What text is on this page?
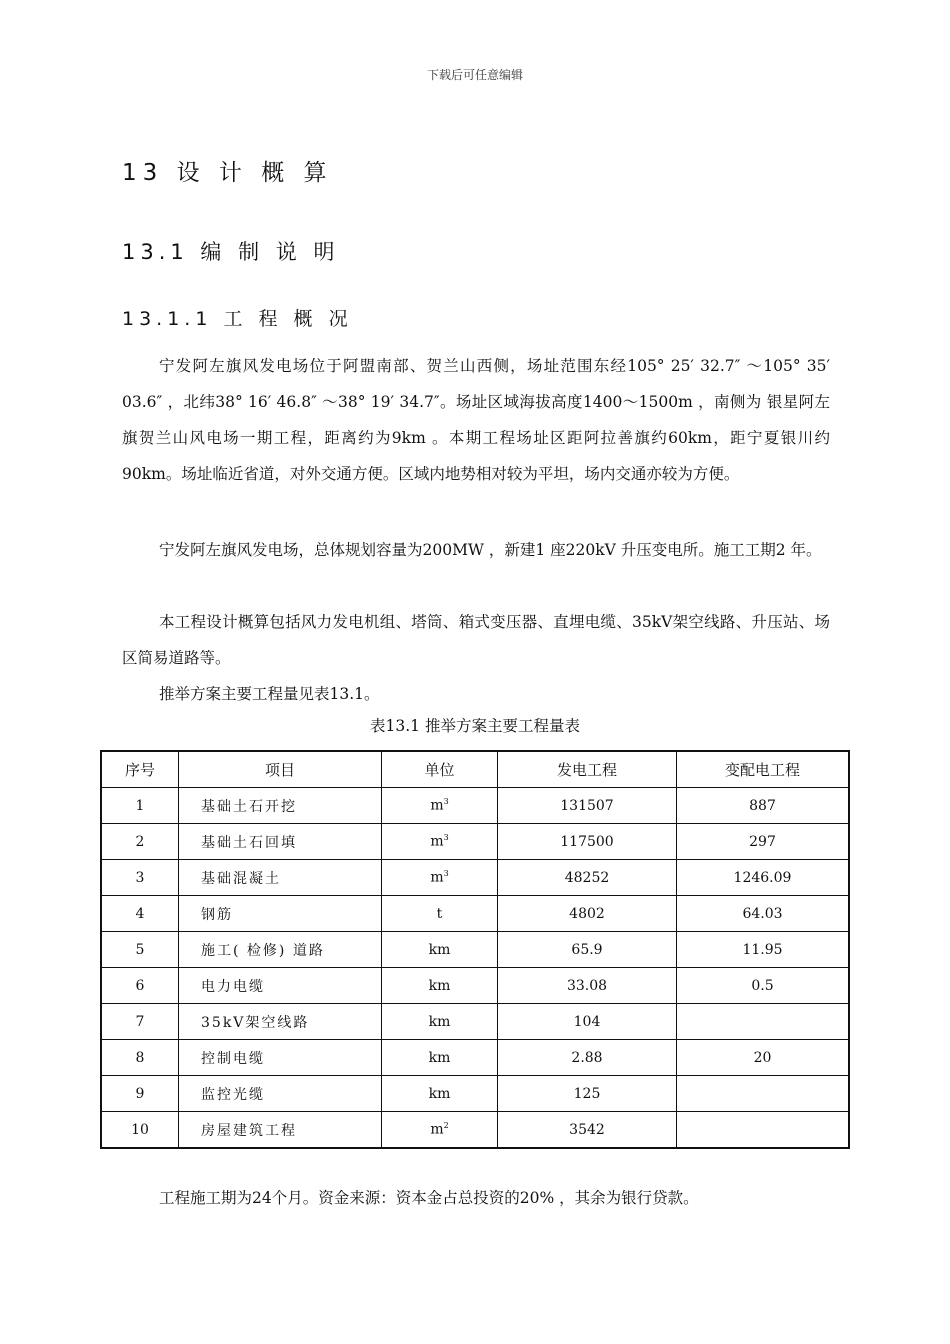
下载后可任意编辑
13 设 计 概 算
13.1 编 制 说 明
13.1.1 工 程 概 况
宁发阿左旗风发电场位于阿盟南部、贺兰山西侧，场址范围东经105° 25′ 32.7″ ～105° 35′ 03.6″ ，北纬38° 16′ 46.8″ ～38° 19′ 34.7″。场址区域海拔高度1400～1500m ，南侧为 银星阿左旗贺兰山风电场一期工程，距离约为9km 。本期工程场址区距阿拉善旗约60km，距宁夏银川约90km。场址临近省道，对外交通方便。区域内地势相对较为平坦，场内交通亦较为方便。
宁发阿左旗风发电场，总体规划容量为200MW ，新建1 座220kV 升压变电所。施工工期2 年。
本工程设计概算包括风力发电机组、塔筒、箱式变压器、直埋电缆、35kV架空线路、升压站、场区简易道路等。
推举方案主要工程量见表13.1。
表13.1 推举方案主要工程量表
序号	项目	单位	发电工程	变配电工程
1	基础土石开挖	$m^3$	131507	887
2	基础土石回填	$m^3$	117500	297
3	基础混凝土	$m^3$	48252	1246.09
4	钢筋	t	4802	64.03
5	施工( 检修) 道路	km	65.9	11.95
6	电力电缆	km	33.08	0.5
7	35kV架空线路	km	104	
8	控制电缆	km	2.88	20
9	监控光缆	km	125	
10	房屋建筑工程	$m^2$	3542	
工程施工期为24个月。资金来源：资本金占总投资的20% ，其余为银行贷款。
